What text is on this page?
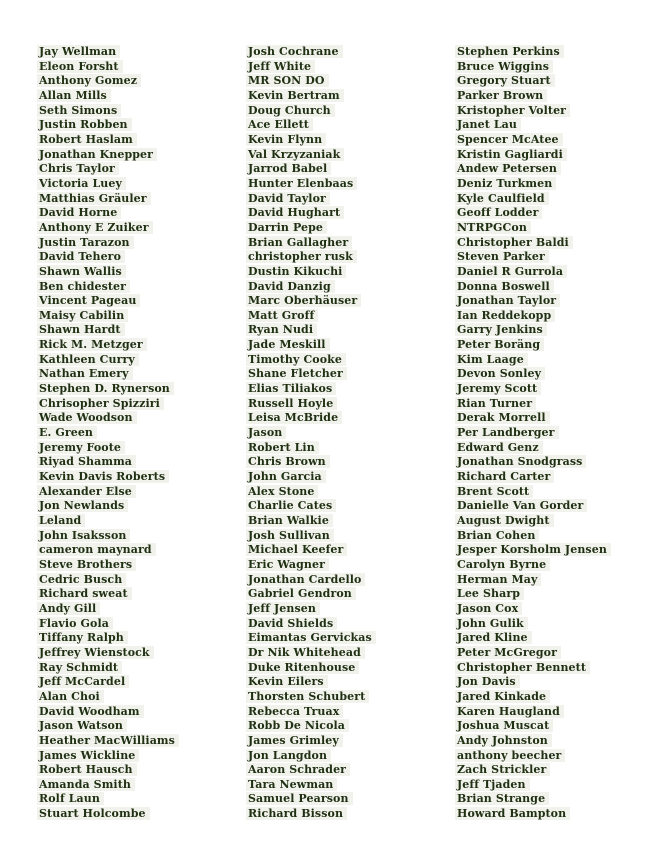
Jay Wellman
Eleon Forsht
Anthony Gomez
Allan Mills
Seth Simons
Justin Robben
Robert Haslam
Jonathan Knepper
Chris Taylor
Victoria Luey
Matthias Gräuler
David Horne
Anthony E Zuiker
Justin Tarazon
David Tehero
Shawn Wallis
Ben chidester
Vincent Pageau
Maisy Cabilin
Shawn Hardt
Rick M. Metzger
Kathleen Curry
Nathan Emery
Stephen D. Rynerson
Chrisopher Spizziri
Wade Woodson
E. Green
Jeremy Foote
Riyad Shamma
Kevin Davis Roberts
Alexander Else
Jon Newlands
Leland
John Isaksson
cameron maynard
Steve Brothers
Cedric Busch
Richard sweat
Andy Gill
Flavio Gola
Tiffany Ralph
Jeffrey Wienstock
Ray Schmidt
Jeff McCardel
Alan Choi
David Woodham
Jason Watson
Heather MacWilliams
James Wickline
Robert Hausch
Amanda Smith
Rolf Laun
Stuart Holcombe
Josh Cochrane
Jeff White
MR SON DO
Kevin Bertram
Doug Church
Ace Ellett
Kevin Flynn
Val Krzyzaniak
Jarrod Babel
Hunter Elenbaas
David Taylor
David Hughart
Darrin Pepe
Brian Gallagher
christopher rusk
Dustin Kikuchi
David Danzig
Marc Oberhäuser
Matt Groff
Ryan Nudi
Jade Meskill
Timothy Cooke
Shane Fletcher
Elias Tiliakos
Russell Hoyle
Leisa McBride
Jason
Robert Lin
Chris Brown
John Garcia
Alex Stone
Charlie Cates
Brian Walkie
Josh Sullivan
Michael Keefer
Eric Wagner
Jonathan Cardello
Gabriel Gendron
Jeff Jensen
David Shields
Eimantas Gervickas
Dr Nik Whitehead
Duke Ritenhouse
Kevin Eilers
Thorsten Schubert
Rebecca Truax
Robb De Nicola
James Grimley
Jon Langdon
Aaron Schrader
Tara Newman
Samuel Pearson
Richard Bisson
Stephen Perkins
Bruce Wiggins
Gregory Stuart
Parker Brown
Kristopher Volter
Janet Lau
Spencer McAtee
Kristin Gagliardi
Andew Petersen
Deniz Turkmen
Kyle Caulfield
Geoff Lodder
NTRPGCon
Christopher Baldi
Steven Parker
Daniel R Gurrola
Donna Boswell
Jonathan Taylor
Ian Reddekopp
Garry Jenkins
Peter Boräng
Kim Laage
Devon Sonley
Jeremy Scott
Rian Turner
Derak Morrell
Per Landberger
Edward Genz
Jonathan Snodgrass
Richard Carter
Brent Scott
Danielle Van Gorder
August Dwight
Brian Cohen
Jesper Korsholm Jensen
Carolyn Byrne
Herman May
Lee Sharp
Jason Cox
John Gulik
Jared Kline
Peter McGregor
Christopher Bennett
Jon Davis
Jared Kinkade
Karen Haugland
Joshua Muscat
Andy Johnston
anthony beecher
Zach Strickler
Jeff Tjaden
Brian Strange
Howard Bampton
